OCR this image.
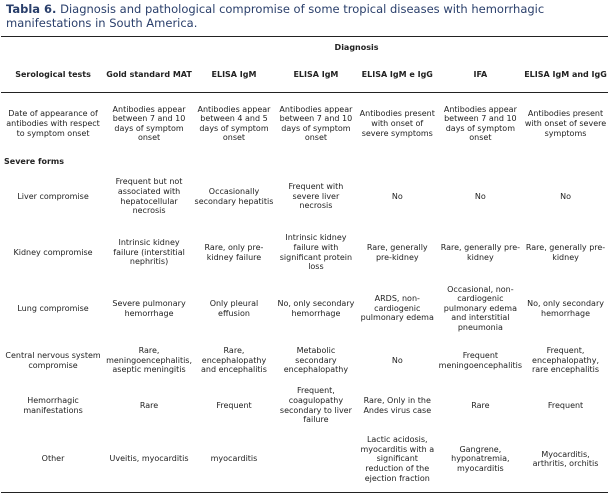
Tabla 6. Diagnosis and pathological compromise of some tropical diseases with hemorrhagic manifestations in South America.
	Diagnosis					
Serological tests	Gold standard MAT	ELISA IgM	ELISA IgM	ELISA IgM e IgG	IFA	ELISA IgM and IgG
Date of appearance of antibodies with respect to symptom onset	Antibodies appear between 7 and 10 days of symptom onset	Antibodies appear between 4 and 5 days of symptom onset	Antibodies appear between 7 and 10 days of symptom onset	Antibodies present with onset of severe symptoms	Antibodies appear between 7 and 10 days of symptom onset	Antibodies present with onset of severe symptoms
Severe forms						
Liver compromise	Frequent but not associated with hepatocellular necrosis	Occasionally secondary hepatitis	Frequent with severe liver necrosis	No	No	No
Kidney compromise	Intrinsic kidney failure (interstitial nephritis)	Rare, only pre-kidney failure	Intrinsic kidney failure with significant protein loss	Rare, generally pre-kidney	Rare, generally pre-kidney	Rare, generally pre-kidney
Lung compromise	Severe pulmonary hemorrhage	Only pleural effusion	No, only secondary hemorrhage	ARDS, non-cardiogenic pulmonary edema	Occasional, non-cardiogenic pulmonary edema and interstitial pneumonia	No, only secondary hemorrhage
Central nervous system compromise	Rare, meningoencephalitis, aseptic meningitis	Rare, encephalopathy and encephalitis	Metabolic secondary encephalopathy	No	Frequent meningoencephalitis	Frequent, encephalopathy, rare encephalitis
Hemorrhagic manifestations	Rare	Frequent	Frequent, coagulopathy secondary to liver failure	Rare, Only in the Andes virus case	Rare	Frequent
Other	Uveitis, myocarditis	myocarditis		Lactic acidosis, myocarditis with a significant reduction of the ejection fraction	Gangrene, hyponatremia, myocarditis	Myocarditis, arthritis, orchitis
